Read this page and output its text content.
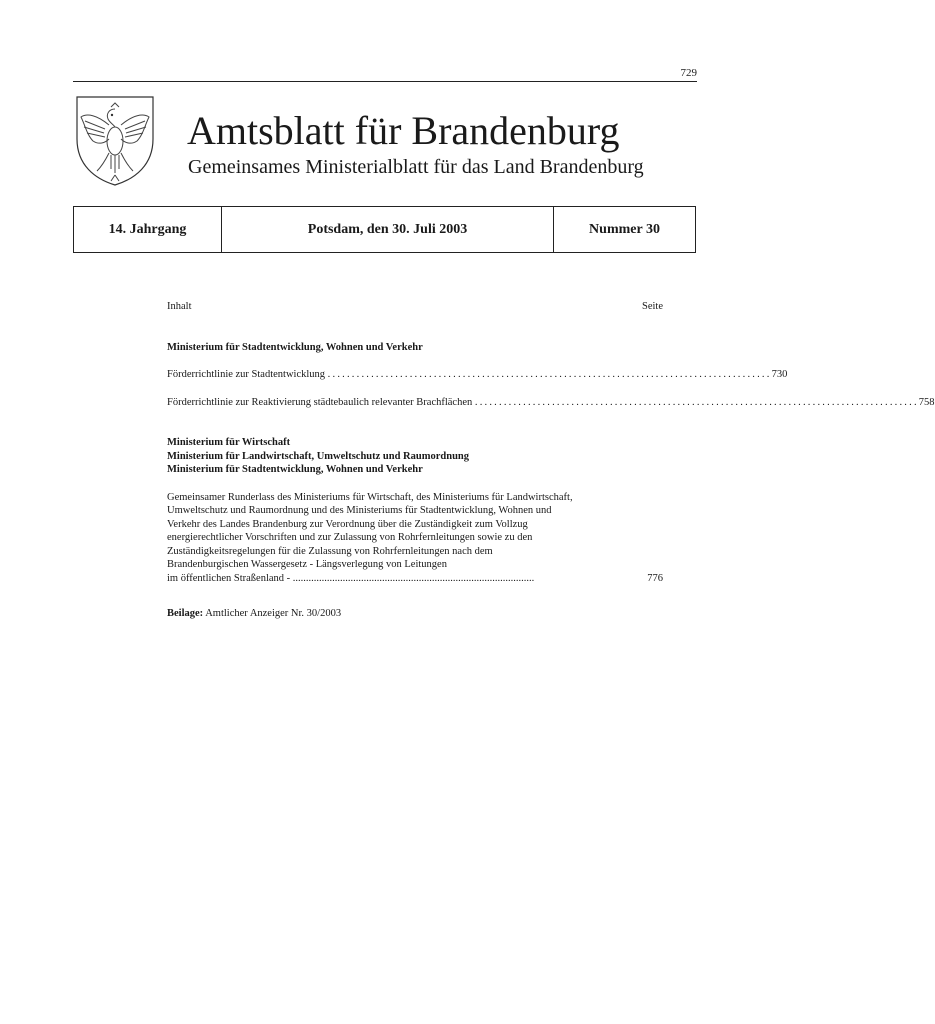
729
Amtsblatt für Brandenburg
Gemeinsames Ministerialblatt für das Land Brandenburg
14. Jahrgang	Potsdam, den 30. Juli 2003	Nummer 30
Inhalt	Seite
Ministerium für Stadtentwicklung, Wohnen und Verkehr
Förderrichtlinie zur Stadtentwicklung ............................................................................................ 730
Förderrichtlinie zur Reaktivierung städtebaulich relevanter Brachflächen ............................................................................................ 758
Ministerium für Wirtschaft
Ministerium für Landwirtschaft, Umweltschutz und Raumordnung
Ministerium für Stadtentwicklung, Wohnen und Verkehr
Gemeinsamer Runderlass des Ministeriums für Wirtschaft, des Ministeriums für Landwirtschaft,
Umweltschutz und Raumordnung und des Ministeriums für Stadtentwicklung, Wohnen und
Verkehr des Landes Brandenburg zur Verordnung über die Zuständigkeit zum Vollzug
energierechtlicher Vorschriften und zur Zulassung von Rohrfernleitungen sowie zu den
Zuständigkeitsregelungen für die Zulassung von Rohrfernleitungen nach dem
Brandenburgischen Wassergesetz - Längsverlegung von Leitungen
im öffentlichen Straßenland - ............................................................................................	776
Beilage: Amtlicher Anzeiger Nr. 30/2003
